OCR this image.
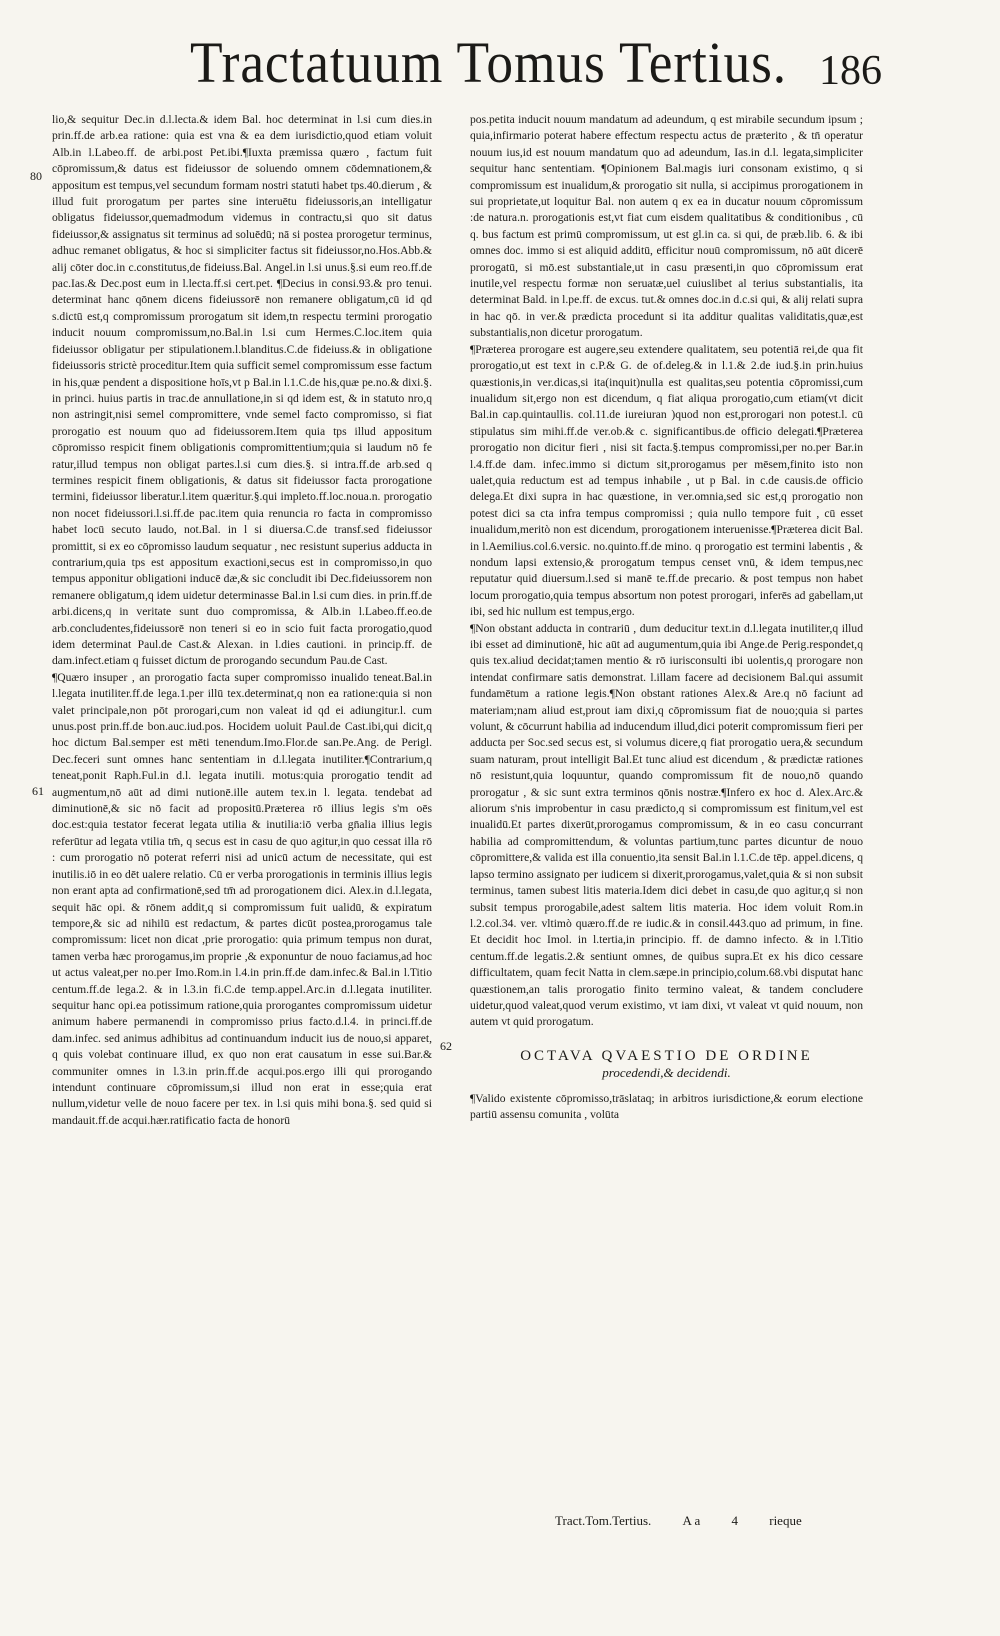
Tractatuum Tomus Tertius. 186
80
61
62

lio,& sequitur Dec.in d.l.lecta.& idem Bal. hoc determinat in l.si cum dies.in prin.ff.de arb.ea ratione: quia est vna & ea dem iurisdictio,quod etiam voluit Alb.in l.Labeo.ff. de arbi.post Pet.ibi.¶Iuxta præmissa quæro , factum fuit cōpromissum,& datus est fideiussor de soluendo omnem cōdemnationem,& appositum est tempus,vel secundum formam nostri statuti habet tps.40.dierum , & illud fuit prorogatum per partes sine interuētu fideiussoris,an intelligatur obligatus fideiussor,quemadmodum videmus in contractu,si quo sit datus fideiussor,& assignatus sit terminus ad soluēdū; nā si postea prorogetur terminus, adhuc remanet obligatus, & hoc si simpliciter factus sit fideiussor,no.Hos.Abb.& alij cōter doc.in c.constitutus,de fideiuss.Bal. Angel.in l.si unus.§.si eum reo.ff.de pac.Ias.& Dec.post eum in l.lecta.ff.si cert.pet. ¶Decius in consi.93.& pro tenui. determinat hanc qōnem dicens fideiussorē non remanere obligatum,cū id qd s.dictū est,q compromissum prorogatum sit idem,tn respectu termini prorogatio inducit nouum compromissum,no.Bal.in l.si cum Hermes.C.loc.item quia fideiussor obligatur per stipulationem.l.blanditus.C.de fideiuss.& in obligatione fideiussoris strictè proceditur.Item quia sufficit semel compromissum esse factum in his,quæ pendent a dispositione hoīs,vt p Bal.in l.1.C.de his,quæ pe.no.& dixi.§. in princi. huius partis in trac.de annullatione,in si qd idem est, & in statuto nro,q non astringit,nisi semel compromittere, vnde semel facto compromisso, si fiat prorogatio est nouum quo ad fideiussorem.Item quia tps illud appositum cōpromisso respicit finem obligationis compromittentium;quia si laudum nō fe ratur,illud tempus non obligat partes.l.si cum dies.§. si intra.ff.de arb.sed q termines respicit finem obligationis, & datus sit fideiussor facta prorogatione termini, fideiussor liberatur.l.item quæritur.§.qui impleto.ff.loc.noua.n. prorogatio non nocet fideiussori.l.si.ff.de pac.item quia renuncia ro facta in compromisso habet locū secuto laudo, not.Bal. in l si diuersa.C.de transf.sed fideiussor promittit, si ex eo cōpromisso laudum sequatur , nec resistunt superius adducta in contrarium,quia tps est appositum exactioni,secus est in compromisso,in quo tempus apponitur obligationi inducē dæ,& sic concludit ibi Dec.fideiussorem non remanere obligatum,q idem uidetur determinasse Bal.in l.si cum dies. in prin.ff.de arbi.dicens,q in veritate sunt duo compromissa, & Alb.in l.Labeo.ff.eo.de arb.concludentes,fideiussorē non teneri si eo in scio fuit facta prorogatio,quod idem determinat Paul.de Cast.& Alexan. in l.dies cautioni. in princip.ff. de dam.infect.etiam q fuisset dictum de prorogando secundum Pau.de Cast.

¶Quæro insuper , an prorogatio facta super compromisso inualido teneat.Bal.in l.legata inutiliter.ff.de lega.1.per illū tex.determinat,q non ea ratione:quia si non valet principale,non pōt prorogari,cum non valeat id qd ei adiungitur.l. cum unus.post prin.ff.de bon.auc.iud.pos. Hocidem uoluit Paul.de Cast.ibi,qui dicit,q hoc dictum Bal.semper est mēti tenendum.Imo.Flor.de san.Pe.Ang. de Perigl. Dec.feceri sunt omnes hanc sententiam in d.l.legata inutiliter.¶Contrarium,q teneat,ponit Raph.Ful.in d.l. legata inutili. motus:quia prorogatio tendit ad augmentum,nō aūt ad dimi nutionē.ille autem tex.in l. legata. tendebat ad diminutionē,& sic nō facit ad propositū.Præterea rō illius legis s'm oēs doc.est:quia testator fecerat legata utilia & inutilia:iō verba gn̄alia illius legis referūtur ad legata vtilia tm̄, q secus est in casu de quo agitur,in quo cessat illa rō : cum prorogatio nō poterat referri nisi ad unicū actum de necessitate, qui est inutilis.iō in eo dēt ualere relatio. Cū er verba prorogationis in terminis illius legis non erant apta ad confirmationē,sed tm̄ ad prorogationem dici. Alex.in d.l.legata, sequit hāc opi. & rōnem addit,q si compromissum fuit ualidū, & expiratum tempore,& sic ad nihilū est redactum, & partes dicūt postea,prorogamus tale compromissum: licet non dicat ,prie prorogatio: quia primum tempus non durat, tamen verba hæc prorogamus,im proprie ,& exponuntur de nouo faciamus,ad hoc ut actus valeat,per no.per Imo.Rom.in l.4.in prin.ff.de dam.infec.& Bal.in l.Titio centum.ff.de lega.2. & in l.3.in fi.C.de temp.appel.Arc.in d.l.legata inutiliter. sequitur hanc opi.ea potissimum ratione,quia prorogantes compromissum uidetur animum habere permanendi in compromisso prius facto.d.l.4. in princi.ff.de dam.infec. sed animus adhibitus ad continuandum inducit ius de nouo,si apparet, q quis volebat continuare illud, ex quo non erat causatum in esse sui.Bar.& communiter omnes in l.3.in prin.ff.de acqui.pos.ergo illi qui prorogando intendunt continuare cōpromissum,si illud non erat in esse;quia erat nullum,videtur velle de nouo facere per tex. in l.si quis mihi bona.§. sed quid si mandauit.ff.de acqui.hær.ratificatio facta de honorū

pos.petita inducit nouum mandatum ad adeundum, q est mirabile secundum ipsum ; quia,infirmario poterat habere effectum respectu actus de præterito , & tn̄ operatur nouum ius,id est nouum mandatum quo ad adeundum, Ias.in d.l. legata,simpliciter sequitur hanc sententiam. ¶Opinionem Bal.magis iuri consonam existimo, q si compromissum est inualidum,& prorogatio sit nulla, si accipimus prorogationem in sui proprietate,ut loquitur Bal. non autem q ex ea in ducatur nouum cōpromissum :de natura.n. prorogationis est,vt fiat cum eisdem qualitatibus & conditionibus , cū q. bus factum est primū compromissum, ut est gl.in ca. si qui, de præb.lib. 6. & ibi omnes doc. immo si est aliquid additū, efficitur nouū compromissum, nō aūt dicerē prorogatū, si mō.est substantiale,ut in casu præsenti,in quo cōpromissum erat inutile,vel respectu formæ non seruatæ,uel cuiuslibet al terius substantialis, ita determinat Bald. in l.pe.ff. de excus. tut.& omnes doc.in d.c.si qui, & alij relati supra in hac qō. in ver.& prædicta procedunt si ita additur qualitas validitatis,quæ,est substantialis,non dicetur prorogatum.

¶Præterea prorogare est augere,seu extendere qualitatem, seu potentiā rei,de qua fit prorogatio,ut est text in c.P.& G. de of.deleg.& in l.1.& 2.de iud.§.in prin.huius quæstionis,in ver.dicas,si ita(inquit)nulla est qualitas,seu potentia cōpromissi,cum inualidum sit,ergo non est dicendum, q fiat aliqua prorogatio,cum etiam(vt dicit Bal.in cap.quintaullis. col.11.de iureiuran )quod non est,prorogari non potest.l. cū stipulatus sim mihi.ff.de ver.ob.& c. significantibus.de officio delegati.¶Præterea prorogatio non dicitur fieri , nisi sit facta.§.tempus compromissi,per no.per Bar.in l.4.ff.de dam. infec.immo si dictum sit,prorogamus per mēsem,finito isto non ualet,quia reductum est ad tempus inhabile , ut p Bal. in c.de causis.de officio delega.Et dixi supra in hac quæstione, in ver.omnia,sed sic est,q prorogatio non potest dici sa cta infra tempus compromissi ; quia nullo tempore fuit , cū esset inualidum,meritò non est dicendum, prorogationem interuenisse.¶Præterea dicit Bal. in l.Aemilius.col.6.versic. no.quinto.ff.de mino. q prorogatio est termini labentis , & nondum lapsi extensio,& prorogatum tempus censet vnū, & idem tempus,nec reputatur quid diuersum.l.sed si manē te.ff.de precario. & post tempus non habet locum prorogatio,quia tempus absortum non potest prorogari, inferēs ad gabellam,ut ibi, sed hic nullum est tempus,ergo.

¶Non obstant adducta in contrariū , dum deducitur text.in d.l.legata inutiliter,q illud ibi esset ad diminutionē, hic aūt ad augumentum,quia ibi Ange.de Perig.respondet,q quis tex.aliud decidat;tamen mentio & rō iurisconsulti ibi uolentis,q prorogare non intendat confirmare satis demonstrat. l.illam facere ad decisionem Bal.qui assumit fundamētum a ratione legis.¶Non obstant rationes Alex.& Are.q nō faciunt ad materiam;nam aliud est,prout iam dixi,q cōpromissum fiat de nouo;quia si partes volunt, & cōcurrunt habilia ad inducendum illud,dici poterit compromissum fieri per adducta per Soc.sed secus est, si volumus dicere,q fiat prorogatio uera,& secundum suam naturam, prout intelligit Bal.Et tunc aliud est dicendum , & prædictæ rationes nō resistunt,quia loquuntur, quando compromissum fit de nouo,nō quando prorogatur , & sic sunt extra terminos qōnis nostræ.¶Infero ex hoc d. Alex.Arc.& aliorum s'nis improbentur in casu prædicto,q si compromissum est finitum,vel est inualidū.Et partes dixerūt,prorogamus compromissum, & in eo casu concurrant habilia ad compromittendum, & voluntas partium,tunc partes dicuntur de nouo cōpromittere,& valida est illa conuentio,ita sensit Bal.in l.1.C.de tēp. appel.dicens, q lapso termino assignato per iudicem si dixerit,prorogamus,valet,quia & si non subsit terminus, tamen subest litis materia.Idem dici debet in casu,de quo agitur,q si non subsit tempus prorogabile,adest saltem litis materia. Hoc idem voluit Rom.in l.2.col.34. ver. vltimò quæro.ff.de re iudic.& in consil.443.quo ad primum, in fine. Et decidit hoc Imol. in l.tertia,in principio. ff. de damno infecto. & in l.Titio centum.ff.de legatis.2.& sentiunt omnes, de quibus supra.Et ex his dico cessare difficultatem, quam fecit Natta in clem.sæpe.in principio,colum.68.vbi disputat hanc quæstionem,an talis prorogatio finito termino valeat, & tandem concludere uidetur,quod valeat,quod verum existimo, vt iam dixi, vt valeat vt quid nouum, non autem vt quid prorogatum.

OCTAVA QVAESTIO DE ORDINE
procedendi,& decidendi.

¶Valido existente cōpromisso,trāslataq; in arbitros iurisdictione,& eorum electione partiū assensu comunita , volūta

Tract.Tom.Tertius. A a 4 rieque
